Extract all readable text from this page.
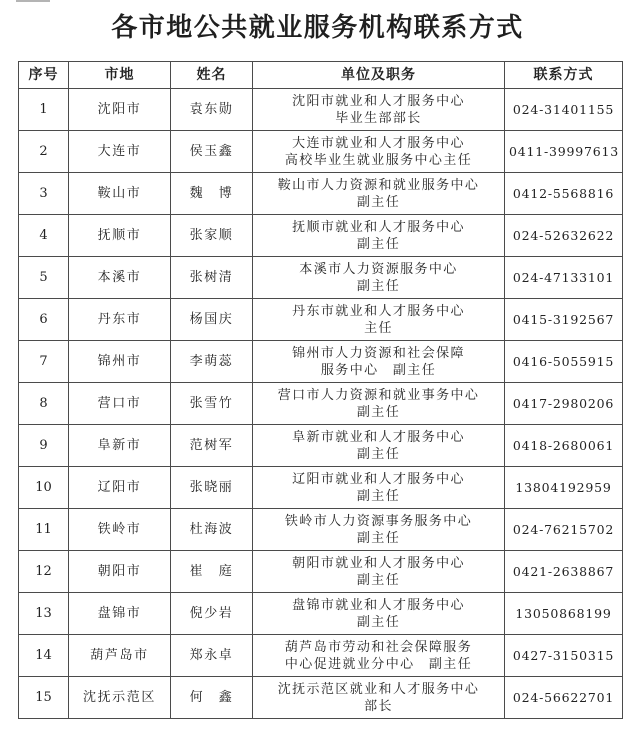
各市地公共就业服务机构联系方式
序号	市地	姓名	单位及职务	联系方式
1	沈阳市	袁东勋	沈阳市就业和人才服务中心
毕业生部部长	024-31401155
2	大连市	侯玉鑫	大连市就业和人才服务中心
高校毕业生就业服务中心主任	0411-39997613
3	鞍山市	魏　博	鞍山市人力资源和就业服务中心
副主任	0412-5568816
4	抚顺市	张家顺	抚顺市就业和人才服务中心
副主任	024-52632622
5	本溪市	张树清	本溪市人力资源服务中心
副主任	024-47133101
6	丹东市	杨国庆	丹东市就业和人才服务中心
主任	0415-3192567
7	锦州市	李萌蕊	锦州市人力资源和社会保障
服务中心　副主任	0416-5055915
8	营口市	张雪竹	营口市人力资源和就业事务中心
副主任	0417-2980206
9	阜新市	范树军	阜新市就业和人才服务中心
副主任	0418-2680061
10	辽阳市	张晓丽	辽阳市就业和人才服务中心
副主任	13804192959
11	铁岭市	杜海波	铁岭市人力资源事务服务中心
副主任	024-76215702
12	朝阳市	崔　庭	朝阳市就业和人才服务中心
副主任	0421-2638867
13	盘锦市	倪少岩	盘锦市就业和人才服务中心
副主任	13050868199
14	葫芦岛市	郑永卓	葫芦岛市劳动和社会保障服务
中心促进就业分中心　副主任	0427-3150315
15	沈抚示范区	何　鑫	沈抚示范区就业和人才服务中心
部长	024-56622701
